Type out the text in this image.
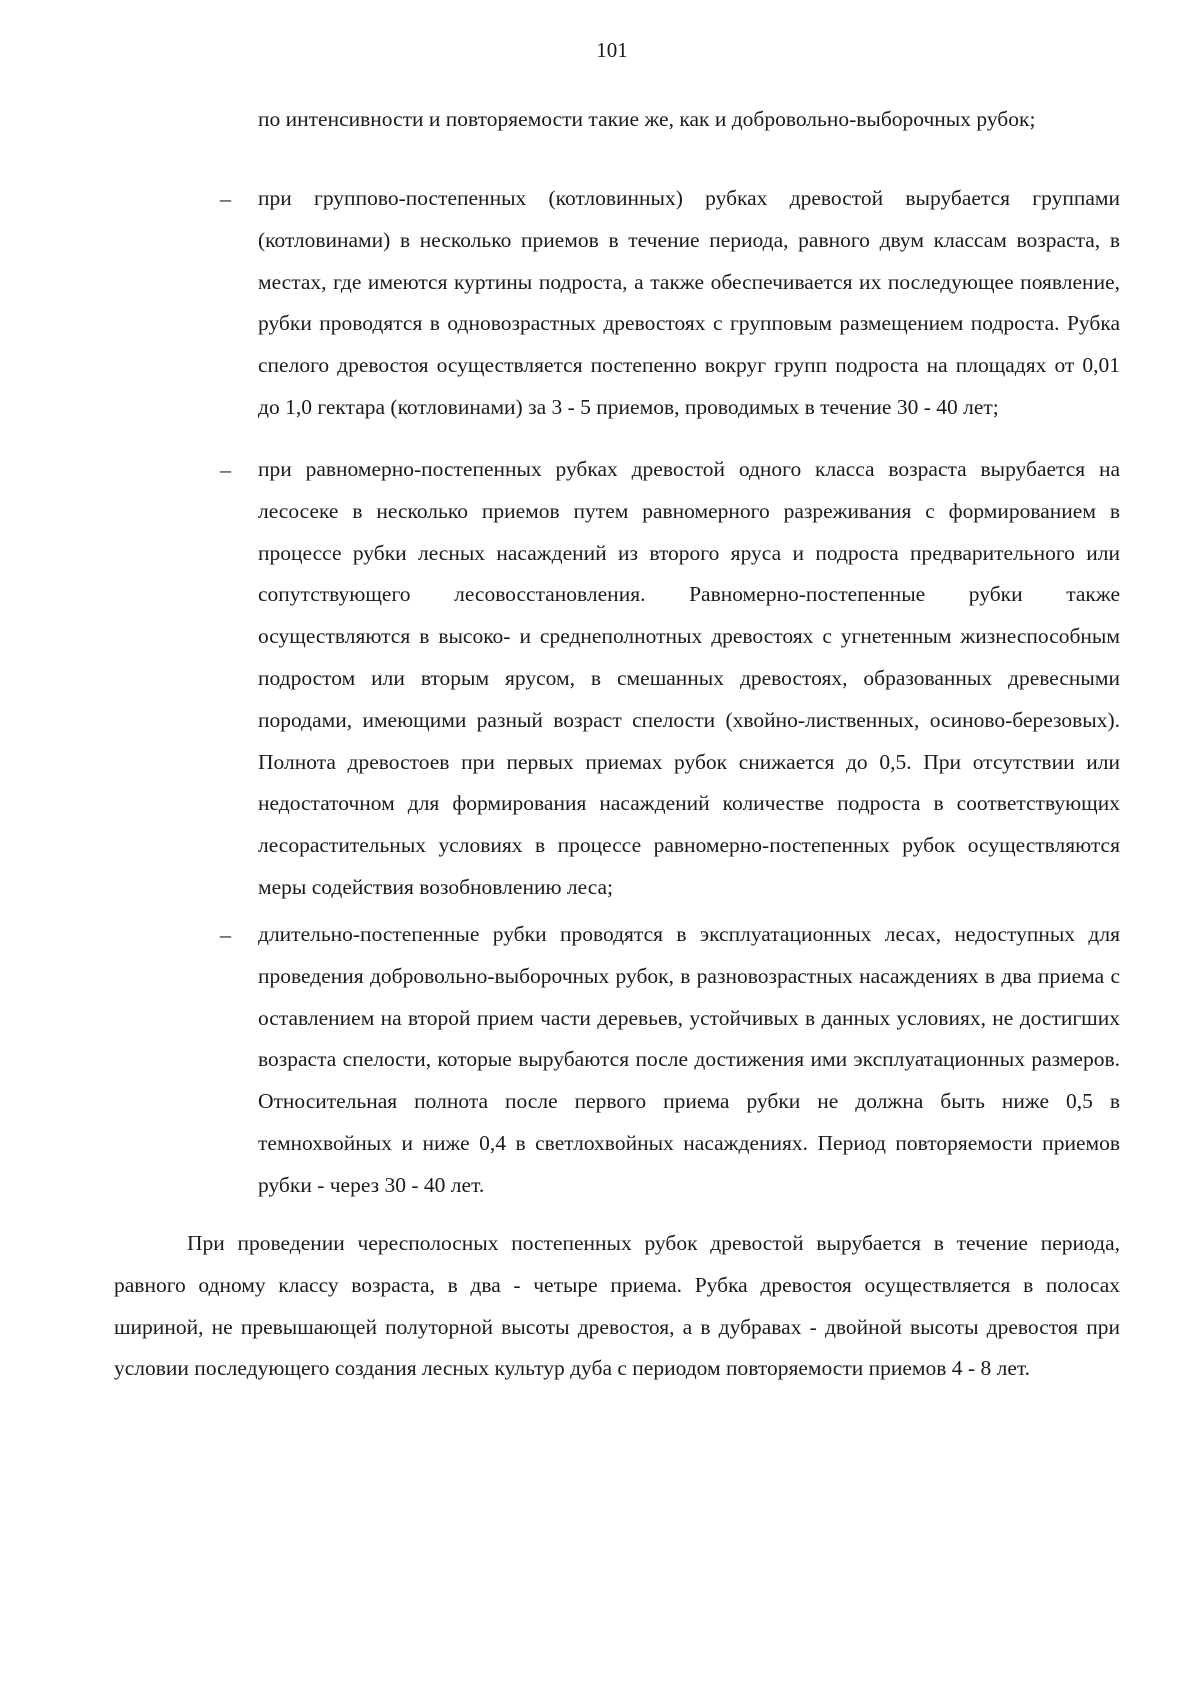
101
по интенсивности и повторяемости такие же, как и добровольно-выборочных рубок;
– при группово-постепенных (котловинных) рубках древостой вырубается группами (котловинами) в несколько приемов в течение периода, равного двум классам возраста, в местах, где имеются куртины подроста, а также обеспечивается их последующее появление, рубки проводятся в одновозрастных древостоях с групповым размещением подроста. Рубка спелого древостоя осуществляется постепенно вокруг групп подроста на площадях от 0,01 до 1,0 гектара (котловинами) за 3 - 5 приемов, проводимых в течение 30 - 40 лет;
– при равномерно-постепенных рубках древостой одного класса возраста вырубается на лесосеке в несколько приемов путем равномерного разреживания с формированием в процессе рубки лесных насаждений из второго яруса и подроста предварительного или сопутствующего лесовосстановления. Равномерно-постепенные рубки также осуществляются в высоко- и среднеполнотных древостоях с угнетенным жизнеспособным подростом или вторым ярусом, в смешанных древостоях, образованных древесными породами, имеющими разный возраст спелости (хвойно-лиственных, осиново-березовых). Полнота древостоев при первых приемах рубок снижается до 0,5. При отсутствии или недостаточном для формирования насаждений количестве подроста в соответствующих лесорастительных условиях в процессе равномерно-постепенных рубок осуществляются меры содействия возобновлению леса;
– длительно-постепенные рубки проводятся в эксплуатационных лесах, недоступных для проведения добровольно-выборочных рубок, в разновозрастных насаждениях в два приема с оставлением на второй прием части деревьев, устойчивых в данных условиях, не достигших возраста спелости, которые вырубаются после достижения ими эксплуатационных размеров. Относительная полнота после первого приема рубки не должна быть ниже 0,5 в темнохвойных и ниже 0,4 в светлохвойных насаждениях. Период повторяемости приемов рубки - через 30 - 40 лет.
При проведении чересполосных постепенных рубок древостой вырубается в течение периода, равного одному классу возраста, в два - четыре приема. Рубка древостоя осуществляется в полосах шириной, не превышающей полуторной высоты древостоя, а в дубравах - двойной высоты древостоя при условии последующего создания лесных культур дуба с периодом повторяемости приемов 4 - 8 лет.
